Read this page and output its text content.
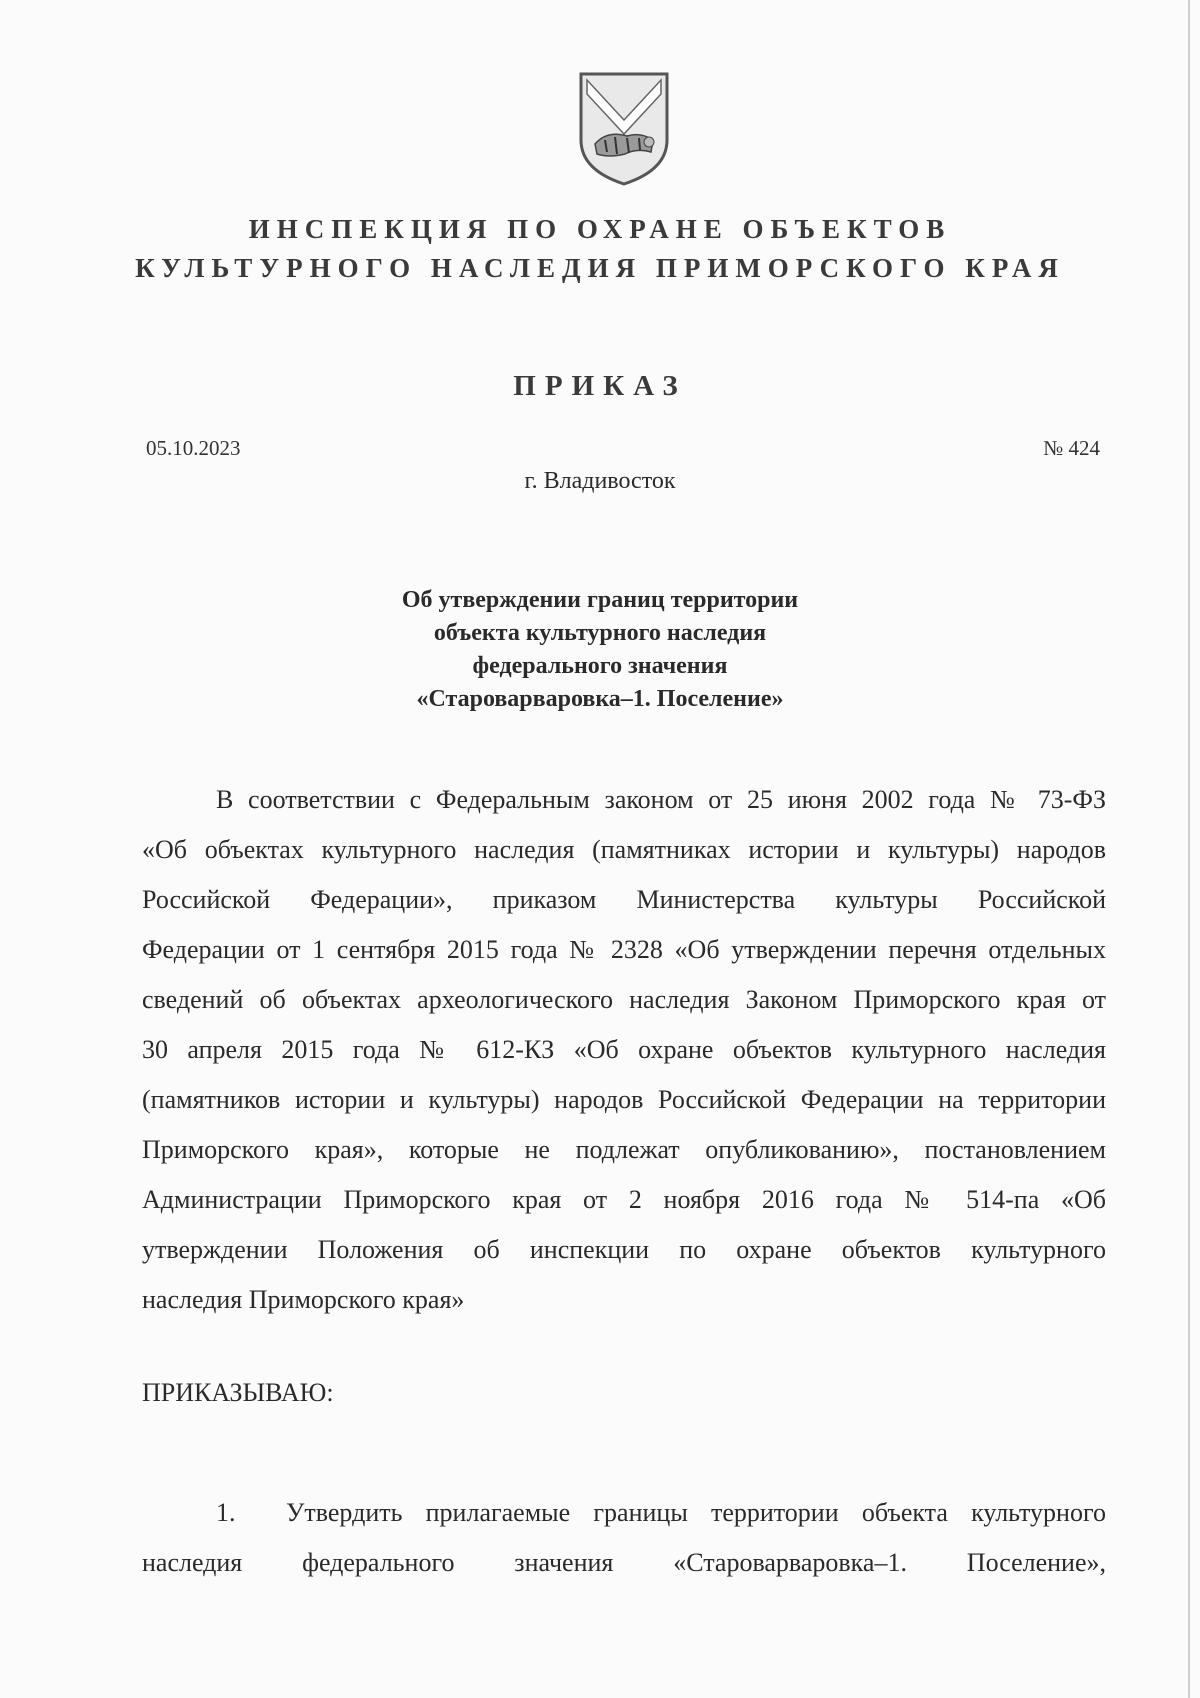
ИНСПЕКЦИЯ ПО ОХРАНЕ ОБЪЕКТОВ
КУЛЬТУРНОГО НАСЛЕДИЯ ПРИМОРСКОГО КРАЯ
ПРИКАЗ
05.10.2023	№ 424
г. Владивосток
Об утверждении границ территории
объекта культурного наследия
федерального значения
«Староварваровка–1. Поселение»
В соответствии с Федеральным законом от 25 июня 2002 года № 73-ФЗ
«Об объектах культурного наследия (памятниках истории и культуры) народов
Российской Федерации», приказом Министерства культуры Российской
Федерации от 1 сентября 2015 года № 2328 «Об утверждении перечня отдельных
сведений об объектах археологического наследия Законом Приморского края от
30 апреля 2015 года № 612-КЗ «Об охране объектов культурного наследия
(памятников истории и культуры) народов Российской Федерации на территории
Приморского края», которые не подлежат опубликованию», постановлением
Администрации Приморского края от 2 ноября 2016 года № 514-па «Об
утверждении Положения об инспекции по охране объектов культурного
наследия Приморского края»
ПРИКАЗЫВАЮ:
1. Утвердить прилагаемые границы территории объекта культурного
наследия федерального значения «Староварваровка–1. Поселение»,
